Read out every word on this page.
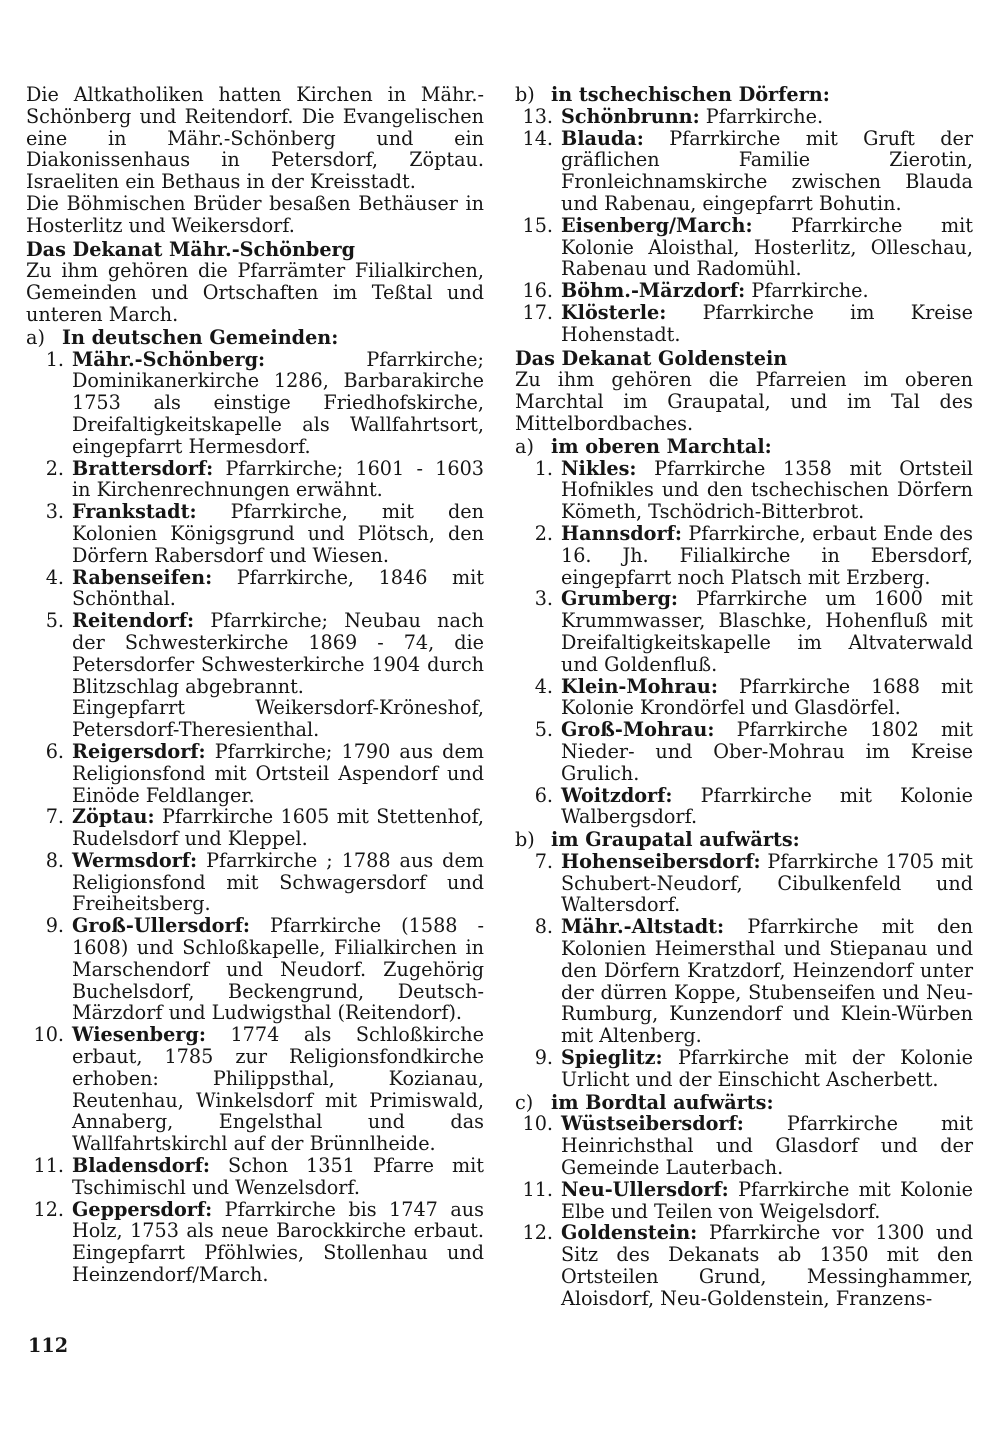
Die Altkatholiken hatten Kirchen in Mähr.-Schönberg und Reitendorf. Die Evangelischen eine in Mähr.-Schönberg und ein Diakonissenhaus in Petersdorf, Zöptau. Israeliten ein Bethaus in der Kreisstadt.

Die Böhmischen Brüder besaßen Bethäuser in Hosterlitz und Weikersdorf.

Das Dekanat Mähr.-Schönberg

Zu ihm gehören die Pfarrämter Filialkirchen, Gemeinden und Ortschaften im Teßtal und unteren March.

a) In deutschen Gemeinden:
1. Mähr.-Schönberg: Pfarrkirche; Dominikanerkirche 1286, Barbarakirche 1753 als einstige Friedhofskirche, Dreifaltigkeitskapelle als Wallfahrtsort, eingepfarrt Hermesdorf.
2. Brattersdorf: Pfarrkirche; 1601 - 1603 in Kirchenrechnungen erwähnt.
3. Frankstadt: Pfarrkirche, mit den Kolonien Königsgrund und Plötsch, den Dörfern Rabersdorf und Wiesen.
4. Rabenseifen: Pfarrkirche, 1846 mit Schönthal.
5. Reitendorf: Pfarrkirche; Neubau nach der Schwesterkirche 1869 - 74, die Petersdorfer Schwesterkirche 1904 durch Blitzschlag abgebrannt.
Eingepfarrt Weikersdorf-Kröneshof, Petersdorf-Theresienthal.
6. Reigersdorf: Pfarrkirche; 1790 aus dem Religionsfond mit Ortsteil Aspendorf und Einöde Feldlanger.
7. Zöptau: Pfarrkirche 1605 mit Stettenhof, Rudelsdorf und Kleppel.
8. Wermsdorf: Pfarrkirche ; 1788 aus dem Religionsfond mit Schwagersdorf und Freiheitsberg.
9. Groß-Ullersdorf: Pfarrkirche (1588 - 1608) und Schloßkapelle, Filialkirchen in Marschendorf und Neudorf. Zugehörig Buchelsdorf, Beckengrund, Deutsch-Märzdorf und Ludwigsthal (Reitendorf).
10. Wiesenberg: 1774 als Schloßkirche erbaut, 1785 zur Religionsfondkirche erhoben: Philippsthal, Kozianau, Reutenhau, Winkelsdorf mit Primiswald, Annaberg, Engelsthal und das Wallfahrtskirchl auf der Brünnlheide.
11. Bladensdorf: Schon 1351 Pfarre mit Tschimischl und Wenzelsdorf.
12. Geppersdorf: Pfarrkirche bis 1747 aus Holz, 1753 als neue Barockkirche erbaut. Eingepfarrt Pföhlwies, Stollenhau und Heinzendorf/March.
b) in tschechischen Dörfern:
13. Schönbrunn: Pfarrkirche.
14. Blauda: Pfarrkirche mit Gruft der gräflichen Familie Zierotin, Fronleichnamskirche zwischen Blauda und Rabenau, eingepfarrt Bohutin.
15. Eisenberg/March: Pfarrkirche mit Kolonie Aloisthal, Hosterlitz, Olleschau, Rabenau und Radomühl.
16. Böhm.-Märzdorf: Pfarrkirche.
17. Klösterle: Pfarrkirche im Kreise Hohenstadt.

Das Dekanat Goldenstein

Zu ihm gehören die Pfarreien im oberen Marchtal im Graupatal, und im Tal des Mittelbordbaches.

a) im oberen Marchtal:
1. Nikles: Pfarrkirche 1358 mit Ortsteil Hofnikles und den tschechischen Dörfern Kömeth, Tschödrich-Bitterbrot.
2. Hannsdorf: Pfarrkirche, erbaut Ende des 16. Jh. Filialkirche in Ebersdorf, eingepfarrt noch Platsch mit Erzberg.
3. Grumberg: Pfarrkirche um 1600 mit Krummwasser, Blaschke, Hohenfluß mit Dreifaltigkeitskapelle im Altvaterwald und Goldenfluß.
4. Klein-Mohrau: Pfarrkirche 1688 mit Kolonie Krondörfel und Glasdörfel.
5. Groß-Mohrau: Pfarrkirche 1802 mit Nieder- und Ober-Mohrau im Kreise Grulich.
6. Woitzdorf: Pfarrkirche mit Kolonie Walbergsdorf.
b) im Graupatal aufwärts:
7. Hohenseibersdorf: Pfarrkirche 1705 mit Schubert-Neudorf, Cibulkenfeld und Waltersdorf.
8. Mähr.-Altstadt: Pfarrkirche mit den Kolonien Heimersthal und Stiepanau und den Dörfern Kratzdorf, Heinzendorf unter der dürren Koppe, Stubenseifen und Neu-Rumburg, Kunzendorf und Klein-Würben mit Altenberg.
9. Spieglitz: Pfarrkirche mit der Kolonie Urlicht und der Einschicht Ascherbett.
c) im Bordtal aufwärts:
10. Wüstseibersdorf: Pfarrkirche mit Heinrichsthal und Glasdorf und der Gemeinde Lauterbach.
11. Neu-Ullersdorf: Pfarrkirche mit Kolonie Elbe und Teilen von Weigelsdorf.
12. Goldenstein: Pfarrkirche vor 1300 und Sitz des Dekanats ab 1350 mit den Ortsteilen Grund, Messinghammer, Aloisdorf, Neu-Goldenstein, Franzens-
112
